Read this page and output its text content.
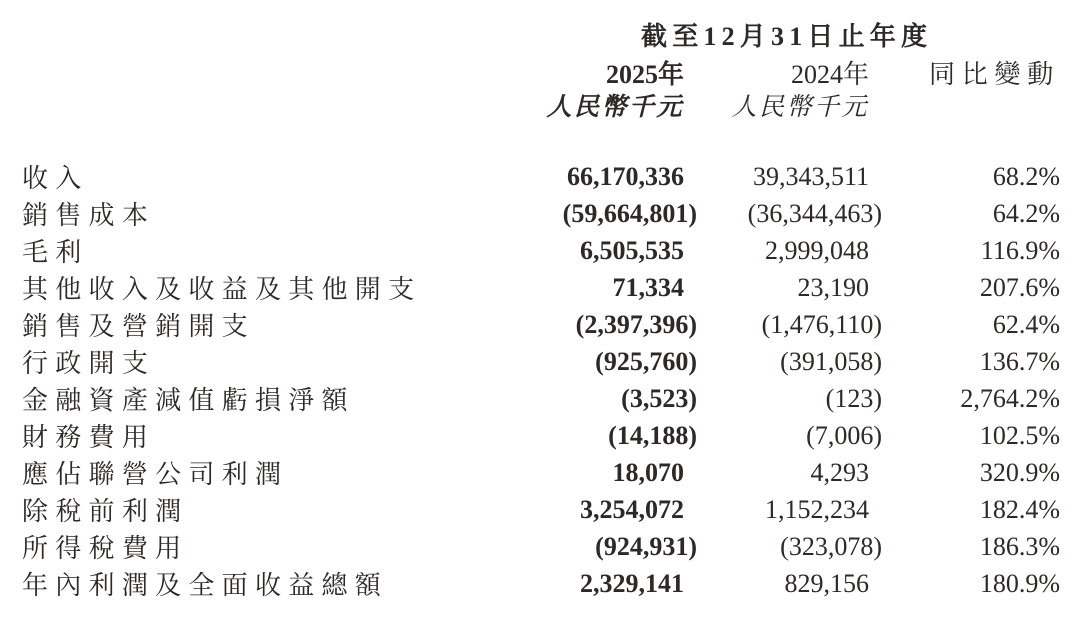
截至12月31日止年度
2025年	2024年	同比變動
人民幣千元	人民幣千元
收入	66,170,336	39,343,511	68.2%
銷售成本	(59,664,801)	(36,344,463)	64.2%
毛利	6,505,535	2,999,048	116.9%
其他收入及收益及其他開支	71,334	23,190	207.6%
銷售及營銷開支	(2,397,396)	(1,476,110)	62.4%
行政開支	(925,760)	(391,058)	136.7%
金融資產減值虧損淨額	(3,523)	(123)	2,764.2%
財務費用	(14,188)	(7,006)	102.5%
應佔聯營公司利潤	18,070	4,293	320.9%
除稅前利潤	3,254,072	1,152,234	182.4%
所得稅費用	(924,931)	(323,078)	186.3%
年內利潤及全面收益總額	2,329,141	829,156	180.9%
